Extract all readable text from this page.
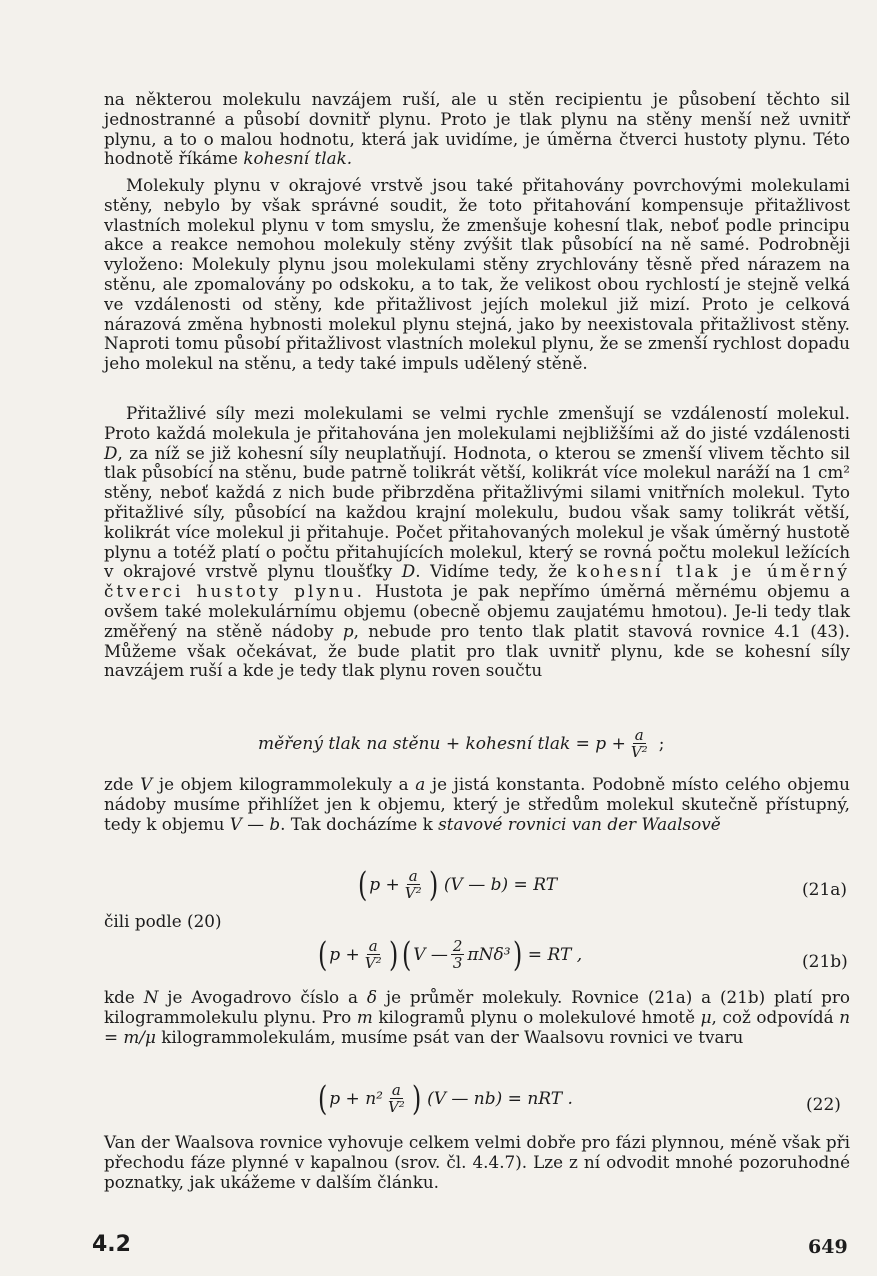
na některou molekulu navzájem ruší, ale u stěn recipientu je působení těchto sil jednostranné a působí dovnitř plynu. Proto je tlak plynu na stěny menší než uvnitř plynu, a to o malou hodnotu, která jak uvidíme, je úměrna čtverci hustoty plynu. Této hodnotě říkáme kohesní tlak.

Molekuly plynu v okrajové vrstvě jsou také přitahovány povrchovými molekulami stěny, nebylo by však správné soudit, že toto přitahování kompensuje přitažlivost vlastních molekul plynu v tom smyslu, že zmenšuje kohesní tlak, neboť podle principu akce a reakce nemohou molekuly stěny zvýšit tlak působící na ně samé. Podrobněji vyloženo: Molekuly plynu jsou molekulami stěny zrychlovány těsně před nárazem na stěnu, ale zpomalovány po odskoku, a to tak, že velikost obou rychlostí je stejně velká ve vzdálenosti od stěny, kde přitažlivost jejích molekul již mizí. Proto je celková nárazová změna hybnosti molekul plynu stejná, jako by neexistovala přitažlivost stěny. Naproti tomu působí přitažlivost vlastních molekul plynu, že se zmenší rychlost dopadu jeho molekul na stěnu, a tedy také impuls udělený stěně.

Přitažlivé síly mezi molekulami se velmi rychle zmenšují se vzdáleností molekul. Proto každá molekula je přitahována jen molekulami nejbližšími až do jisté vzdálenosti D, za níž se již kohesní síly neuplatňují. Hodnota, o kterou se zmenší vlivem těchto sil tlak působící na stěnu, bude patrně tolikrát větší, kolikrát více molekul naráží na 1 cm² stěny, neboť každá z nich bude přibrzděna přitažlivými silami vnitřních molekul. Tyto přitažlivé síly, působící na každou krajní molekulu, budou však samy tolikrát větší, kolikrát více molekul ji přitahuje. Počet přitahovaných molekul je však úměrný hustotě plynu a totéž platí o počtu přitahujících molekul, který se rovná počtu molekul ležících v okrajové vrstvě plynu tloušťky D. Vidíme tedy, že kohesní tlak je úměrný čtverci hustoty plynu. Hustota je pak nepřímo úměrná měrnému objemu a ovšem také molekulárnímu objemu (obecně objemu zaujatému hmotou). Je-li tedy tlak změřený na stěně nádoby p, nebude pro tento tlak platit stavová rovnice 4.1 (43). Můžeme však očekávat, že bude platit pro tlak uvnitř plynu, kde se kohesní síly navzájem ruší a kde je tedy tlak plynu roven součtu

měřený tlak na stěnu + kohesní tlak = $p + \frac{a}{\text{V²}}$ ;

zde V je objem kilogrammolekuly a a je jistá konstanta. Podobně místo celého objemu nádoby musíme přihlížet jen k objemu, který je středům molekul skutečně přístupný, tedy k objemu V — b. Tak docházíme k stavové rovnici van der Waalsově

( $p + \frac{a}{\text{V²}}$ ) (V — b) = RT	(21a)
čili podle (20)
( $p + \frac{a}{\text{V²}}$ ) ( V — $\frac{2}{3} \pi N\delta^3$ ) = RT ,	(21b)

kde N je Avogadrovo číslo a δ je průměr molekuly. Rovnice (21a) a (21b) platí pro kilogrammolekulu plynu. Pro m kilogramů plynu o molekulové hmotě μ, což odpovídá n = m/μ kilogrammolekulám, musíme psát van der Waalsovu rovnici ve tvaru

( $p + n^2 \frac{a}{\text{V²}}$ ) (V — nb) = nRT .	(22)

Van der Waalsova rovnice vyhovuje celkem velmi dobře pro fázi plynnou, méně však při přechodu fáze plynné v kapalnou (srov. čl. 4.4.7). Lze z ní odvodit mnohé pozoruhodné poznatky, jak ukážeme v dalším článku.

4.2	649
